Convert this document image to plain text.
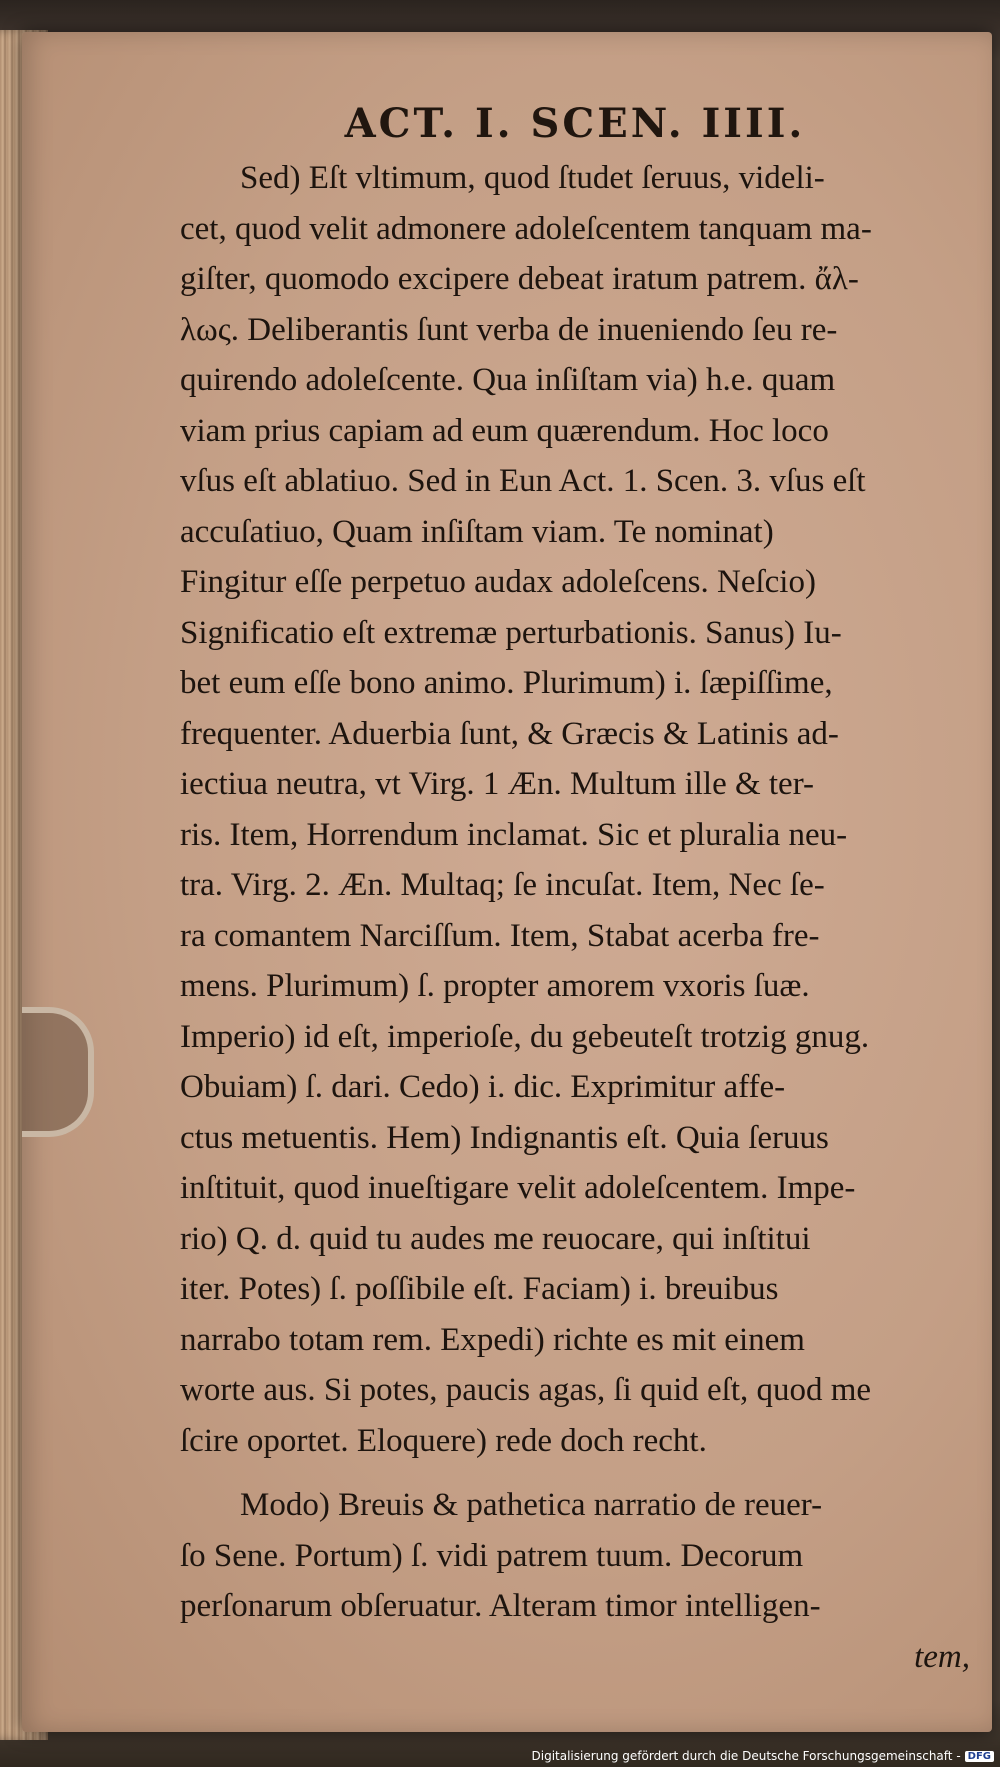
ACT. I. SCEN. IIII.
Sed) Eſt vltimum, quod ſtudet ſeruus, videli-
cet, quod velit admonere adoleſcentem tanquam ma-
giſter, quomodo excipere debeat iratum patrem. ἄλ-
λως. Deliberantis ſunt verba de inueniendo ſeu re-
quirendo adoleſcente. Qua inſiſtam via) h.e. quam
viam prius capiam ad eum quærendum. Hoc loco
vſus eſt ablatiuo. Sed in Eun Act. 1. Scen. 3. vſus eſt
accuſatiuo, Quam inſiſtam viam. Te nominat)
Fingitur eſſe perpetuo audax adoleſcens. Neſcio)
Significatio eſt extremæ perturbationis. Sanus) Iu-
bet eum eſſe bono animo. Plurimum) i. ſæpiſſime,
frequenter. Aduerbia ſunt, & Græcis & Latinis ad-
iectiua neutra, vt Virg. 1 Æn. Multum ille & ter-
ris. Item, Horrendum inclamat. Sic et pluralia neu-
tra. Virg. 2. Æn. Multaq; ſe incuſat. Item, Nec ſe-
ra comantem Narciſſum. Item, Stabat acerba fre-
mens. Plurimum) ſ. propter amorem vxoris ſuæ.
Imperio) id eſt, imperioſe, du gebeuteſt trotzig gnug.
Obuiam) ſ. dari. Cedo) i. dic. Exprimitur affe-
ctus metuentis. Hem) Indignantis eſt. Quia ſeruus
inſtituit, quod inueſtigare velit adoleſcentem. Impe-
rio) Q. d. quid tu audes me reuocare, qui inſtitui
iter. Potes) ſ. poſſibile eſt. Faciam) i. breuibus
narrabo totam rem. Expedi) richte es mit einem
worte aus. Si potes, paucis agas, ſi quid eſt, quod me
ſcire oportet. Eloquere) rede doch recht.
Modo) Breuis & pathetica narratio de reuer-
ſo Sene. Portum) ſ. vidi patrem tuum. Decorum
perſonarum obſeruatur. Alteram timor intelligen-
tem,
Digitalisierung gefördert durch die Deutsche Forschungsgemeinschaft - DFG
